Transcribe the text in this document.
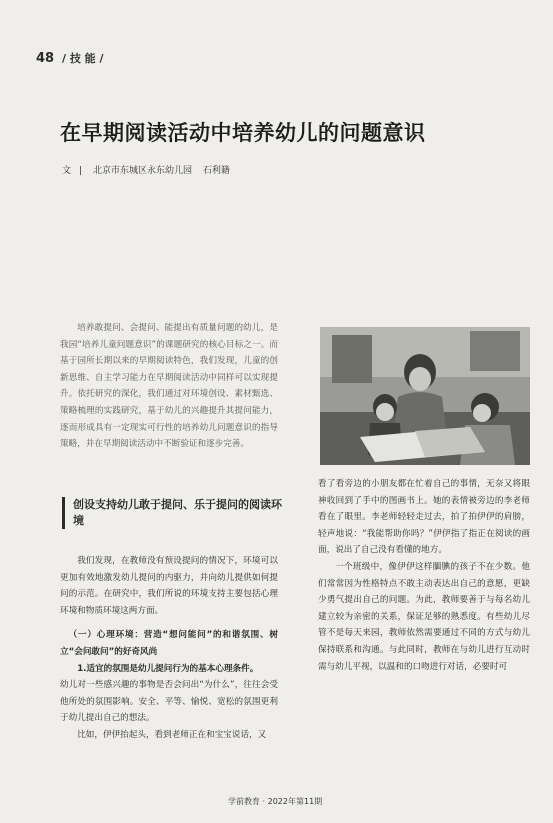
48 / 技 能 /
在早期阅读活动中培养幼儿的问题意识
文 | 北京市东城区永东幼儿园 石利籍

培养敢提问、会提问、能提出有质量问题的幼儿，是我园“培养儿童问题意识”的课题研究的核心目标之一。而基于园所长期以来的早期阅读特色，我们发现，儿童的创新思维、自主学习能力在早期阅读活动中同样可以实现提升。依托研究的深化，我们通过对环境创设、素材甄选、策略梳理的实践研究，基于幼儿的兴趣提升其提问能力，逐而形成具有一定现实可行性的培养幼儿问题意识的指导策略，并在早期阅读活动中不断验证和逐步完善。

创设支持幼儿敢于提问、乐于提问的阅读环境

我们发现，在教师没有预设提问的情况下，环境可以更加有效地激发幼儿提问的内驱力，并向幼儿提供如何提问的示范。在研究中，我们所说的环境支持主要包括心理环境和物质环境这两方面。

（一）心理环境：营造“想问能问”的和谐氛围、树立“会问敢问”的好奇风尚

1.适宜的氛围是幼儿提问行为的基本心理条件。

幼儿对一些感兴趣的事物是否会问出“为什么”，往往会受他所处的氛围影响。安全、平等、愉悦、宽松的氛围更利于幼儿提出自己的想法。

比如，伊伊抬起头，看到老师正在和宝宝说话，又

看了看旁边的小朋友都在忙着自己的事情，无奈又将眼神收回到了手中的图画书上。她的表情被旁边的李老师看在了眼里。李老师轻轻走过去，拍了拍伊伊的肩膀，轻声地说：“我能帮助你吗？”伊伊指了指正在阅读的画面，说出了自己没有看懂的地方。

一个班级中，像伊伊这样腼腆的孩子不在少数。他们常常因为性格特点不敢主动表达出自己的意愿，更缺少勇气提出自己的问题。为此，教师要善于与每名幼儿建立较为亲密的关系，保证足够的熟悉度。有些幼儿尽管不是每天来园，教师依然需要通过不同的方式与幼儿保持联系和沟通。与此同时，教师在与幼儿进行互动时需与幼儿平视，以温和的口吻进行对话，必要时可

学前教育 · 2022年第11期
